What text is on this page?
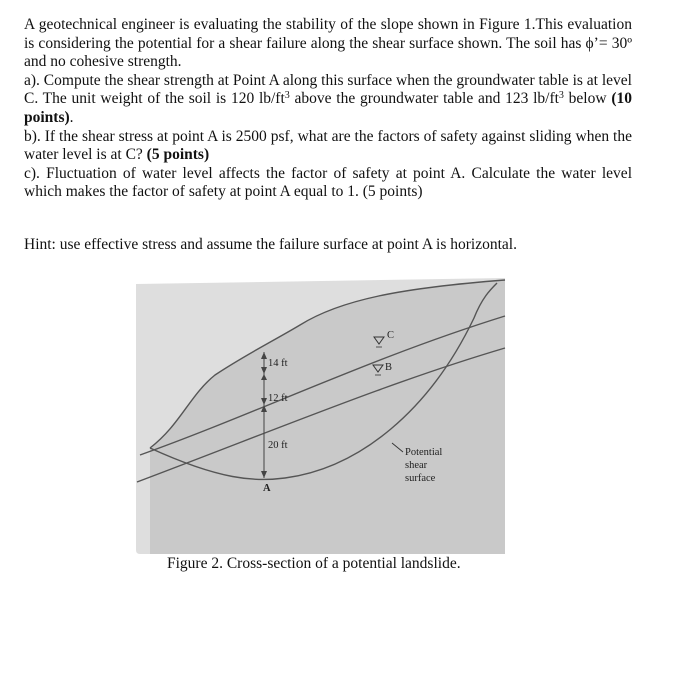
A geotechnical engineer is evaluating the stability of the slope shown in Figure 1.This evaluation is considering the potential for a shear failure along the shear surface shown. The soil has ϕ’= 30º and no cohesive strength.

a). Compute the shear strength at Point A along this surface when the groundwater table is at level C. The unit weight of the soil is 120 $lb/ft^3$ above the groundwater table and 123 $lb/ft^3$ below (10 points).

b). If the shear stress at point A is 2500 psf, what are the factors of safety against sliding when the water level is at C? (5 points)

c). Fluctuation of water level affects the factor of safety at point A. Calculate the water level which makes the factor of safety at point A equal to 1. (5 points)

Hint: use effective stress and assume the failure surface at point A is horizontal.
14 ft
12 ft
20 ft
A
C
B
Potential
shear
surface
Figure 2. Cross-section of a potential landslide.
